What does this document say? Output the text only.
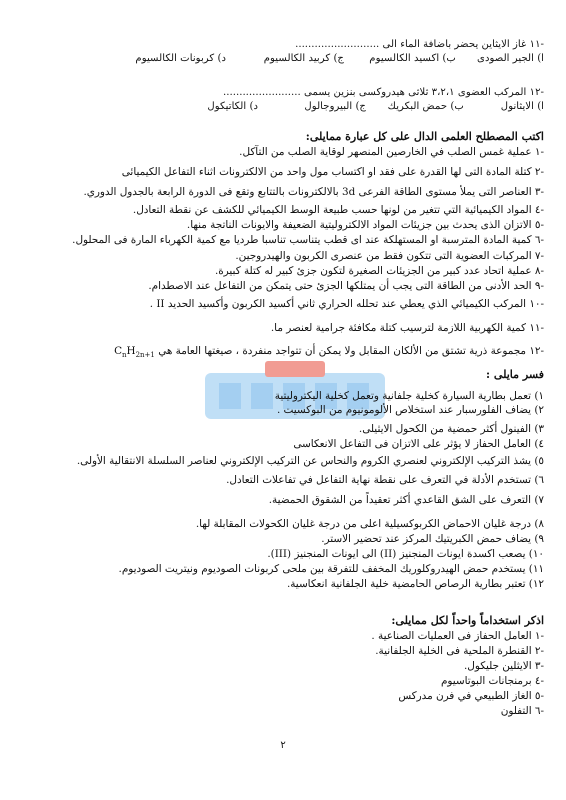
-١١ غاز الايثاين يحضر باضافة الماء الى ..........................
ا) الجير الصودى
ب) اكسيد الكالسيوم
ج) كربيد الكالسيوم
د) كربونات الكالسيوم
-١٢ المركب العضوى ٣،٢،١ ثلاثى هيدروكسى بنزين يسمى ........................
ا) الايثانول
ب) حمض البكريك
ج) البيروجالول
د) الكاتيكول
اكتب المصطلح العلمى الدال على كل عبارة ممايلى:
-١ عملية غمس الصلب في الخارصين المنصهر لوقاية الصلب من التآكل.
-٢ كتلة المادة التى لها القدرة على فقد او اكتساب مول واحد من الالكترونات اثناء التفاعل الكيميائى
-٣ العناصر التى يملأ مستوى الطاقة الفرعى 3d بالالكترونات بالتتابع وتقع فى الدورة الرابعة بالجدول الدوري.
-٤ المواد الكيميائية التي تتغير من لونها حسب طبيعة الوسط الكيميائي للكشف عن نقطة التعادل.
-٥ الاتزان الذى يحدث بين جزيئات المواد الالكتروليتية الضعيفة والايونات الناتجة منها.
-٦ كمية المادة المترسبة او المستهلكة عند اى قطب يتناسب تناسبا طرديا مع كمية الكهرباء المارة فى المحلول.
-٧ المركبات العضوية التى تتكون فقط من عنصرى الكربون والهيدروجين.
-٨ عملية اتحاد عدد كبير من الجزيئات الصغيرة لتكون جزئ كبير له كتلة كبيرة.
-٩ الحد الأدنى من الطاقة التى يجب أن يمتلكها الجزئ حتى يتمكن من التفاعل عند الاصطدام.
-١٠ المركب الكيميائي الذي يعطي عند تحلله الحراري ثاني أكسيد الكربون وأكسيد الحديد II .
-١١ كمية الكهربية اللازمة لترسيب كتلة مكافئة جرامية لعنصر ما.
-١٢ مجموعة ذرية تشتق من الألكان المقابل ولا يمكن أن تتواجد منفردة ، صيغتها العامة هي $C_nH_{2n+1}$
فسر مايلى :
١) تعمل بطارية السيارة كخلية جلفانية وتعمل كخلية اليكتروليتية
٢) يضاف الفلورسبار عند استخلاص الألومونيوم من البوكسيت .
٣) الفينول أكثر حمضية من الكحول الايثيلى.
٤) العامل الحفاز لا يؤثر على الاتزان فى التفاعل الانعكاسى
٥) يشذ التركيب الإلكتروني لعنصري الكروم والنحاس عن التركيب الإلكتروني لعناصر السلسلة الانتقالية الأولى.
٦) تستخدم الأدلة في التعرف على نقطة نهاية التفاعل في تفاعلات التعادل.
٧) التعرف على الشق القاعدي أكثر تعقيداً من الشقوق الحمضية.
٨) درجة غليان الاحماض الكربوكسيلية اعلى من درجة غليان الكحولات المقابلة لها.
٩) يضاف حمض الكبريتيك المركز عند تحضير الاستر.
١٠) يصعب اكسدة ايونات المنجنيز (II) الى ايونات المنجنيز (III).
١١) يستخدم حمض الهيدروكلوريك المخفف للتفرقة بين ملحى كربونات الصوديوم ونيتريت الصوديوم.
١٢) تعتبر بطارية الرصاص الحامضية خلية الجلفانية انعكاسية.
اذكر استخداماً واحداً لكل ممايلى:
-١ العامل الحفاز فى العمليات الصناعية .
-٢ القنطرة الملحية فى الخلية الجلفانية.
-٣ الايثلين جليكول.
-٤ برمنجانات البوتاسيوم
-٥ الغاز الطبيعي في فرن مدركس
-٦ التفلون
٢
